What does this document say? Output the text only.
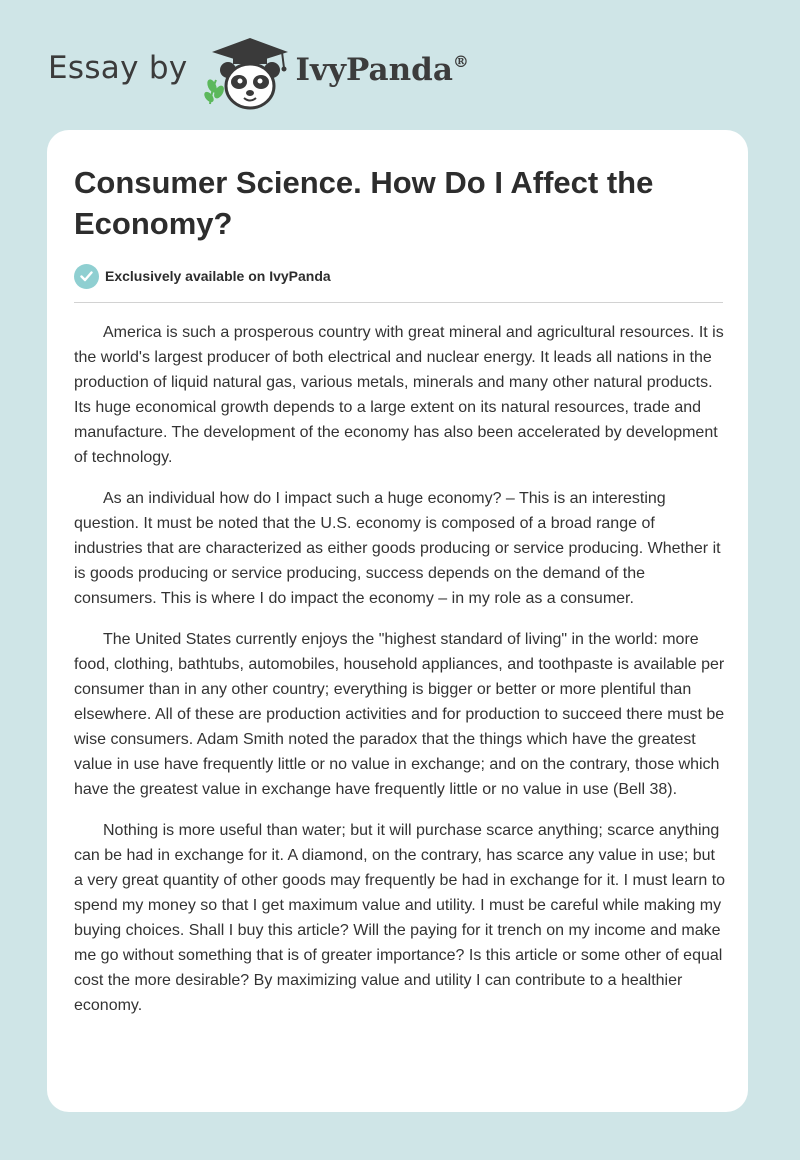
Essay by	IvyPanda®
Consumer Science. How Do I Affect the Economy?
Exclusively available on IvyPanda

America is such a prosperous country with great mineral and agricultural resources. It is the world's largest producer of both electrical and nuclear energy. It leads all nations in the production of liquid natural gas, various metals, minerals and many other natural products. Its huge economical growth depends to a large extent on its natural resources, trade and manufacture. The development of the economy has also been accelerated by development of technology.

As an individual how do I impact such a huge economy? – This is an interesting question. It must be noted that the U.S. economy is composed of a broad range of industries that are characterized as either goods producing or service producing. Whether it is goods producing or service producing, success depends on the demand of the consumers. This is where I do impact the economy – in my role as a consumer.

The United States currently enjoys the "highest standard of living" in the world: more food, clothing, bathtubs, automobiles, household appliances, and toothpaste is available per consumer than in any other country; everything is bigger or better or more plentiful than elsewhere. All of these are production activities and for production to succeed there must be wise consumers. Adam Smith noted the paradox that the things which have the greatest value in use have frequently little or no value in exchange; and on the contrary, those which have the greatest value in exchange have frequently little or no value in use (Bell 38).

Nothing is more useful than water; but it will purchase scarce anything; scarce anything can be had in exchange for it. A diamond, on the contrary, has scarce any value in use; but a very great quantity of other goods may frequently be had in exchange for it. I must learn to spend my money so that I get maximum value and utility. I must be careful while making my buying choices. Shall I buy this article? Will the paying for it trench on my income and make me go without something that is of greater importance? Is this article or some other of equal cost the more desirable? By maximizing value and utility I can contribute to a healthier economy.
